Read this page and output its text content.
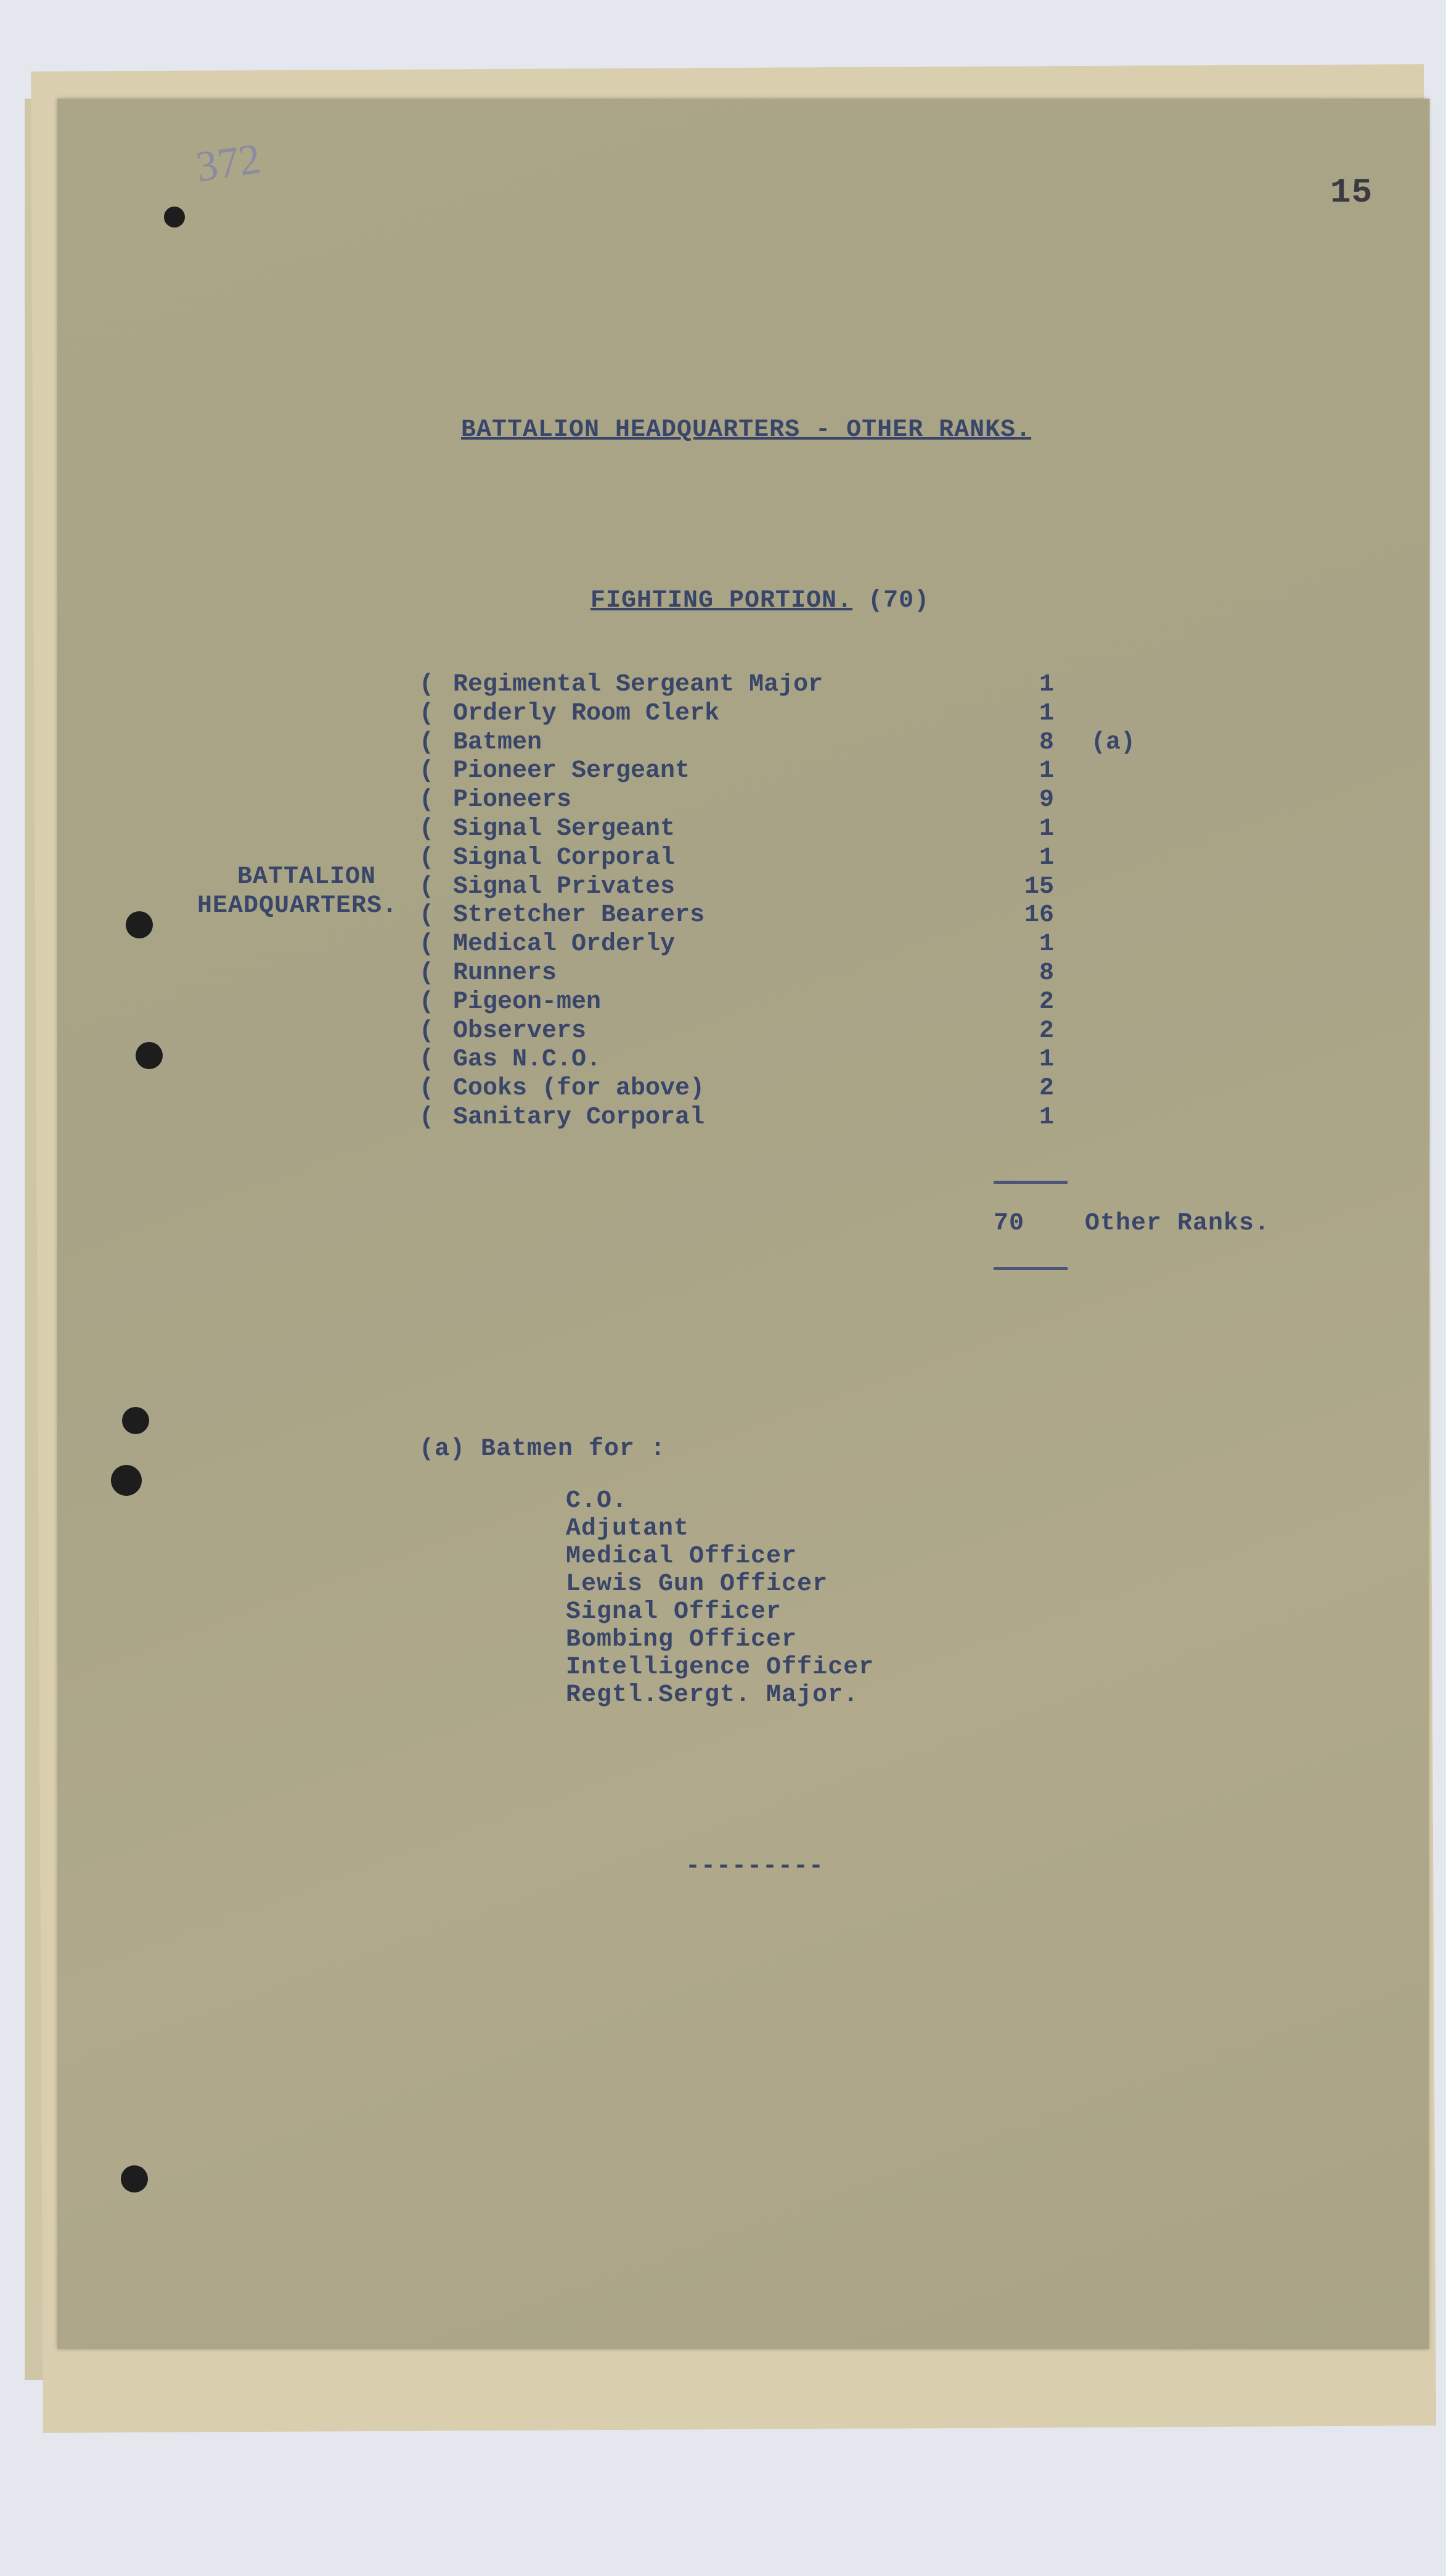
372
15
BATTALION HEADQUARTERS - OTHER RANKS.
FIGHTING PORTION. (70)
BATTALION
HEADQUARTERS.
( Regimental Sergeant Major	1
( Orderly Room Clerk	1
( Batmen	8 (a)
( Pioneer Sergeant	1
( Pioneers	9
( Signal Sergeant	1
( Signal Corporal	1
( Signal Privates	15
( Stretcher Bearers	16
( Medical Orderly	1
( Runners	8
( Pigeon-men	2
( Observers	2
( Gas N.C.O.	1
( Cooks (for above)	2
( Sanitary Corporal	1
70 Other Ranks.
(a) Batmen for :
C.O.
Adjutant
Medical Officer
Lewis Gun Officer
Signal Officer
Bombing Officer
Intelligence Officer
Regtl.Sergt. Major.
---------
